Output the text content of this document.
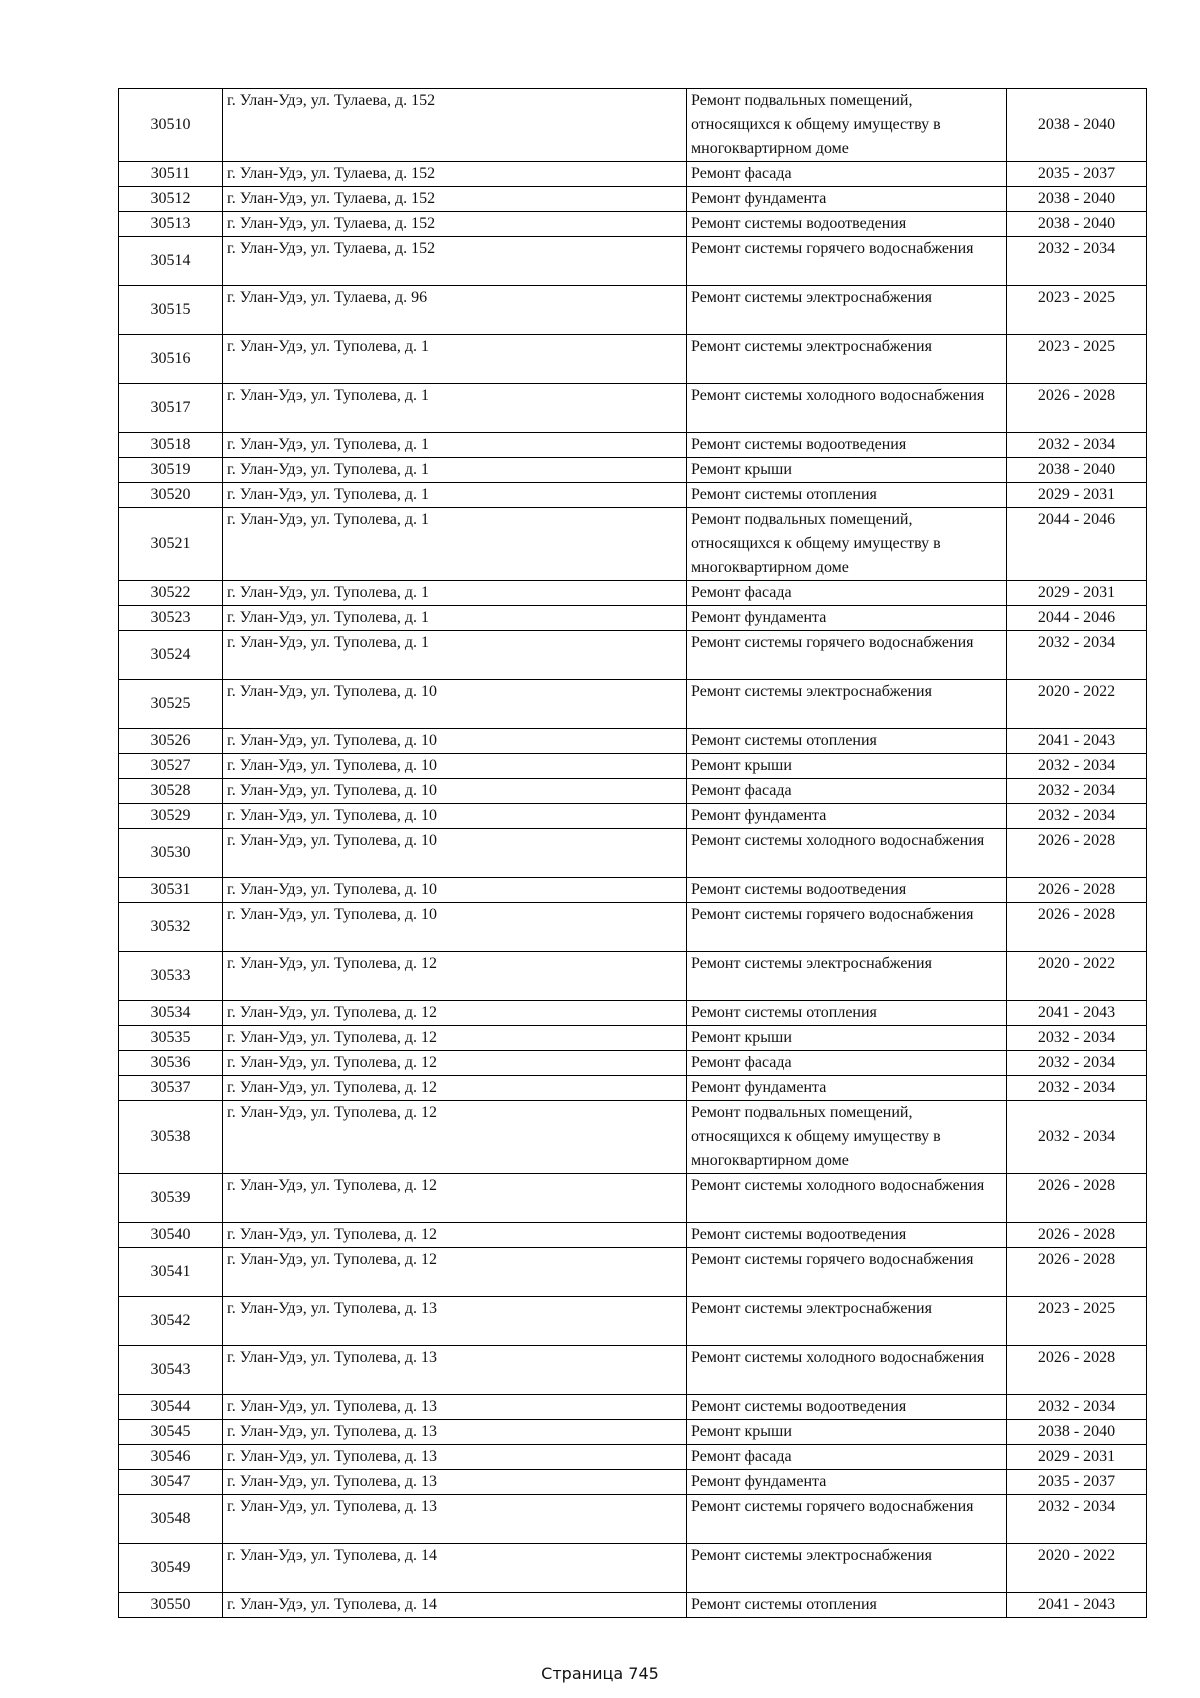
30510	г. Улан-Удэ, ул. Тулаева, д. 152	Ремонт подвальных помещений, относящихся к общему имуществу в многоквартирном доме	2038 - 2040
30511	г. Улан-Удэ, ул. Тулаева, д. 152	Ремонт фасада	2035 - 2037
30512	г. Улан-Удэ, ул. Тулаева, д. 152	Ремонт фундамента	2038 - 2040
30513	г. Улан-Удэ, ул. Тулаева, д. 152	Ремонт системы водоотведения	2038 - 2040
30514	г. Улан-Удэ, ул. Тулаева, д. 152	Ремонт системы горячего водоснабжения	2032 - 2034
30515	г. Улан-Удэ, ул. Тулаева, д. 96	Ремонт системы электроснабжения	2023 - 2025
30516	г. Улан-Удэ, ул. Туполева, д. 1	Ремонт системы электроснабжения	2023 - 2025
30517	г. Улан-Удэ, ул. Туполева, д. 1	Ремонт системы холодного водоснабжения	2026 - 2028
30518	г. Улан-Удэ, ул. Туполева, д. 1	Ремонт системы водоотведения	2032 - 2034
30519	г. Улан-Удэ, ул. Туполева, д. 1	Ремонт крыши	2038 - 2040
30520	г. Улан-Удэ, ул. Туполева, д. 1	Ремонт системы отопления	2029 - 2031
30521	г. Улан-Удэ, ул. Туполева, д. 1	Ремонт подвальных помещений, относящихся к общему имуществу в многоквартирном доме	2044 - 2046
30522	г. Улан-Удэ, ул. Туполева, д. 1	Ремонт фасада	2029 - 2031
30523	г. Улан-Удэ, ул. Туполева, д. 1	Ремонт фундамента	2044 - 2046
30524	г. Улан-Удэ, ул. Туполева, д. 1	Ремонт системы горячего водоснабжения	2032 - 2034
30525	г. Улан-Удэ, ул. Туполева, д. 10	Ремонт системы электроснабжения	2020 - 2022
30526	г. Улан-Удэ, ул. Туполева, д. 10	Ремонт системы отопления	2041 - 2043
30527	г. Улан-Удэ, ул. Туполева, д. 10	Ремонт крыши	2032 - 2034
30528	г. Улан-Удэ, ул. Туполева, д. 10	Ремонт фасада	2032 - 2034
30529	г. Улан-Удэ, ул. Туполева, д. 10	Ремонт фундамента	2032 - 2034
30530	г. Улан-Удэ, ул. Туполева, д. 10	Ремонт системы холодного водоснабжения	2026 - 2028
30531	г. Улан-Удэ, ул. Туполева, д. 10	Ремонт системы водоотведения	2026 - 2028
30532	г. Улан-Удэ, ул. Туполева, д. 10	Ремонт системы горячего водоснабжения	2026 - 2028
30533	г. Улан-Удэ, ул. Туполева, д. 12	Ремонт системы электроснабжения	2020 - 2022
30534	г. Улан-Удэ, ул. Туполева, д. 12	Ремонт системы отопления	2041 - 2043
30535	г. Улан-Удэ, ул. Туполева, д. 12	Ремонт крыши	2032 - 2034
30536	г. Улан-Удэ, ул. Туполева, д. 12	Ремонт фасада	2032 - 2034
30537	г. Улан-Удэ, ул. Туполева, д. 12	Ремонт фундамента	2032 - 2034
30538	г. Улан-Удэ, ул. Туполева, д. 12	Ремонт подвальных помещений, относящихся к общему имуществу в многоквартирном доме	2032 - 2034
30539	г. Улан-Удэ, ул. Туполева, д. 12	Ремонт системы холодного водоснабжения	2026 - 2028
30540	г. Улан-Удэ, ул. Туполева, д. 12	Ремонт системы водоотведения	2026 - 2028
30541	г. Улан-Удэ, ул. Туполева, д. 12	Ремонт системы горячего водоснабжения	2026 - 2028
30542	г. Улан-Удэ, ул. Туполева, д. 13	Ремонт системы электроснабжения	2023 - 2025
30543	г. Улан-Удэ, ул. Туполева, д. 13	Ремонт системы холодного водоснабжения	2026 - 2028
30544	г. Улан-Удэ, ул. Туполева, д. 13	Ремонт системы водоотведения	2032 - 2034
30545	г. Улан-Удэ, ул. Туполева, д. 13	Ремонт крыши	2038 - 2040
30546	г. Улан-Удэ, ул. Туполева, д. 13	Ремонт фасада	2029 - 2031
30547	г. Улан-Удэ, ул. Туполева, д. 13	Ремонт фундамента	2035 - 2037
30548	г. Улан-Удэ, ул. Туполева, д. 13	Ремонт системы горячего водоснабжения	2032 - 2034
30549	г. Улан-Удэ, ул. Туполева, д. 14	Ремонт системы электроснабжения	2020 - 2022
30550	г. Улан-Удэ, ул. Туполева, д. 14	Ремонт системы отопления	2041 - 2043
Страница 745
